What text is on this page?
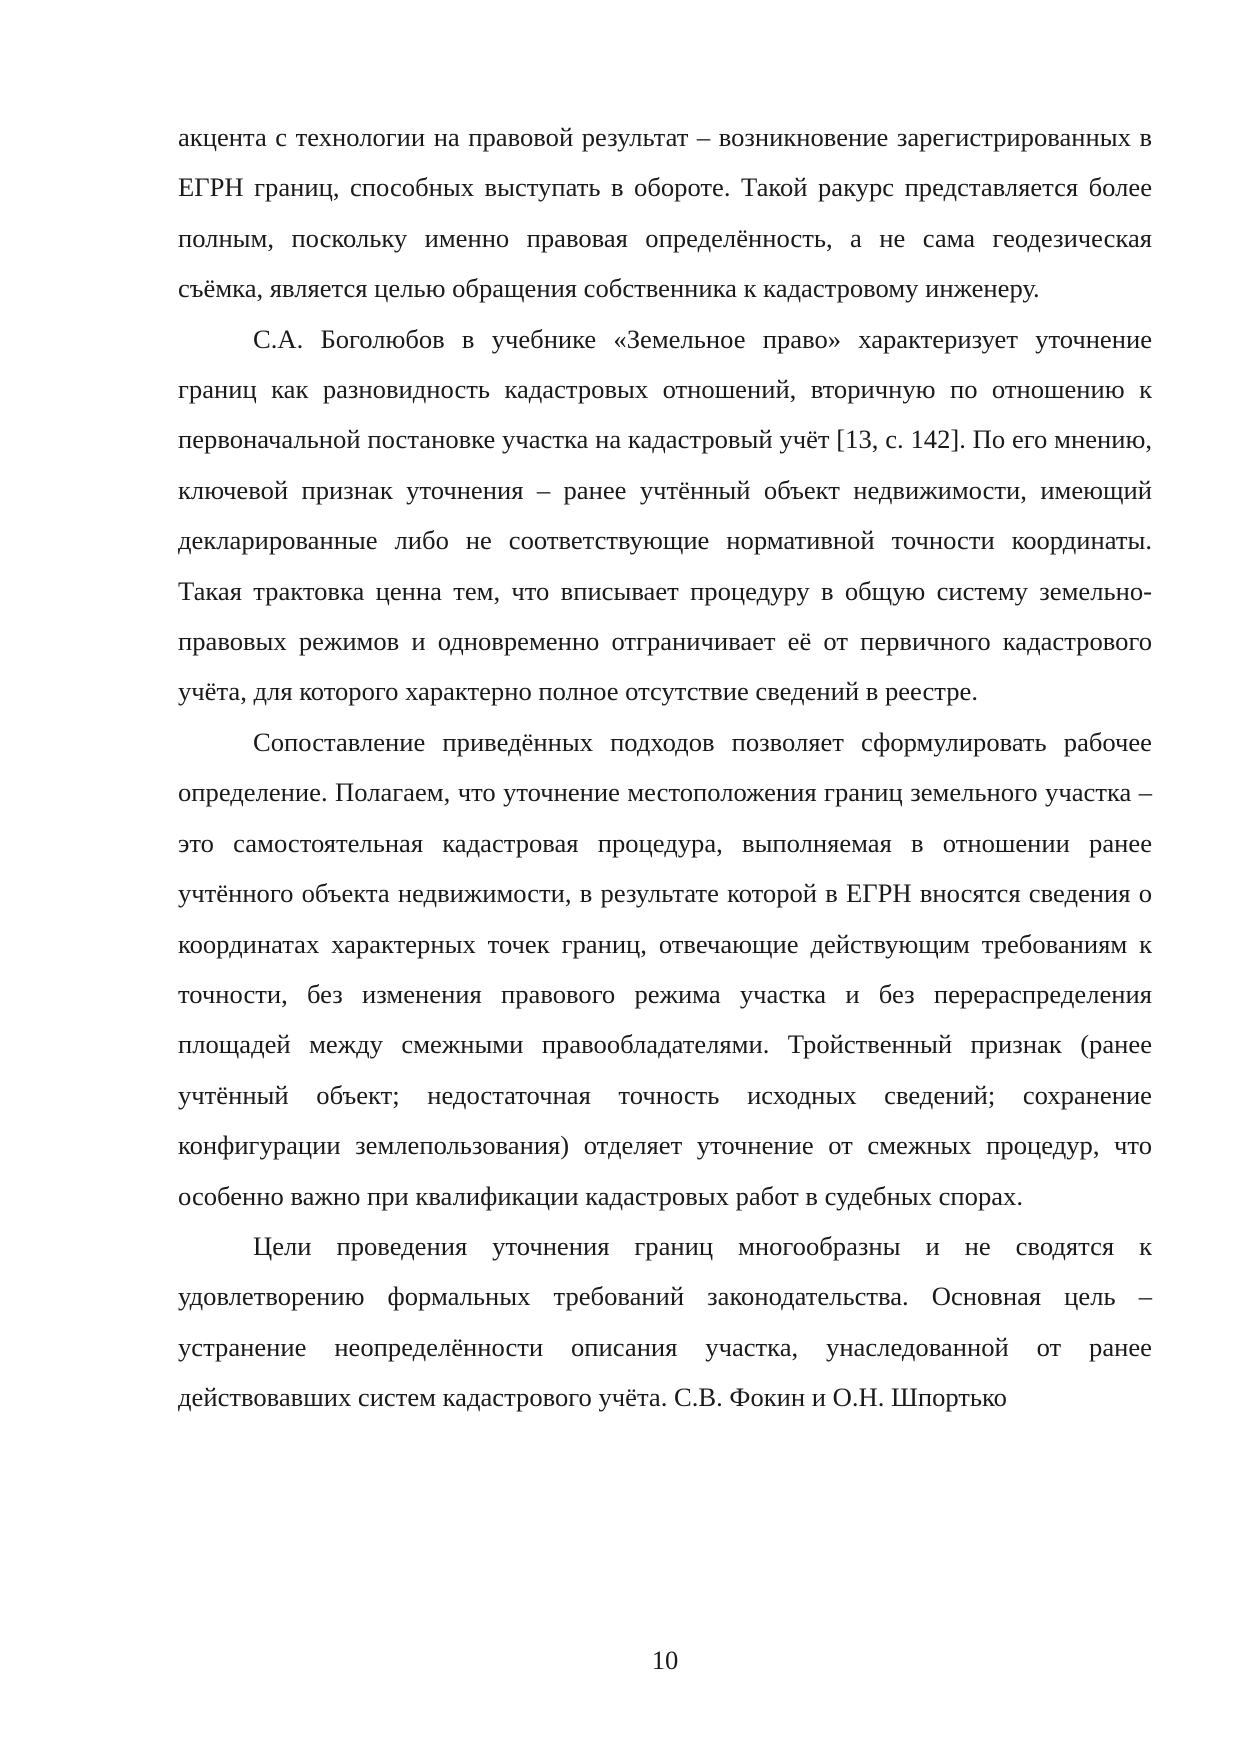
акцента с технологии на правовой результат – возникновение зарегистрированных в ЕГРН границ, способных выступать в обороте. Такой ракурс представляется более полным, поскольку именно правовая определённость, а не сама геодезическая съёмка, является целью обращения собственника к кадастровому инженеру.

С.А. Боголюбов в учебнике «Земельное право» характеризует уточнение границ как разновидность кадастровых отношений, вторичную по отношению к первоначальной постановке участка на кадастровый учёт [13, с. 142]. По его мнению, ключевой признак уточнения – ранее учтённый объект недвижимости, имеющий декларированные либо не соответствующие нормативной точности координаты. Такая трактовка ценна тем, что вписывает процедуру в общую систему земельно-правовых режимов и одновременно отграничивает её от первичного кадастрового учёта, для которого характерно полное отсутствие сведений в реестре.

Сопоставление приведённых подходов позволяет сформулировать рабочее определение. Полагаем, что уточнение местоположения границ земельного участка – это самостоятельная кадастровая процедура, выполняемая в отношении ранее учтённого объекта недвижимости, в результате которой в ЕГРН вносятся сведения о координатах характерных точек границ, отвечающие действующим требованиям к точности, без изменения правового режима участка и без перераспределения площадей между смежными правообладателями. Тройственный признак (ранее учтённый объект; недостаточная точность исходных сведений; сохранение конфигурации землепользования) отделяет уточнение от смежных процедур, что особенно важно при квалификации кадастровых работ в судебных спорах.

Цели проведения уточнения границ многообразны и не сводятся к удовлетворению формальных требований законодательства. Основная цель – устранение неопределённости описания участка, унаследованной от ранее действовавших систем кадастрового учёта. С.В. Фокин и О.Н. Шпортько

10
